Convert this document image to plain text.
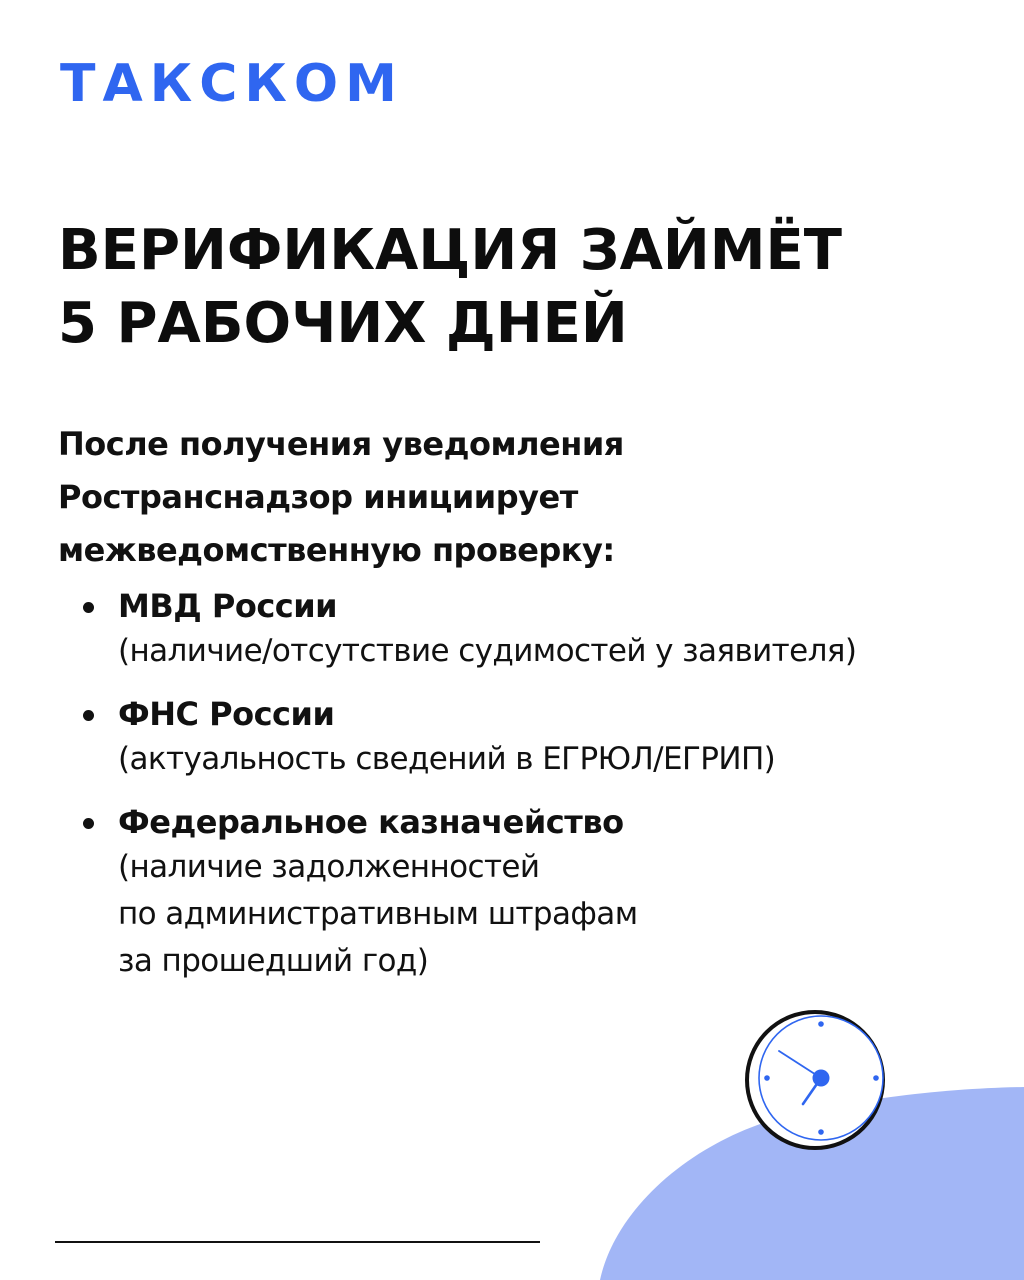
ТАКСКОМ
ВЕРИФИКАЦИЯ ЗАЙМЁТ
5 РАБОЧИХ ДНЕЙ
После получения уведомления
Ространснадзор инициирует
межведомственную проверку:
МВД России
(наличие/отсутствие судимостей у заявителя)
ФНС России
(актуальность сведений в ЕГРЮЛ/ЕГРИП)
Федеральное казначейство
(наличие задолженностей
по административным штрафам
за прошедший год)
